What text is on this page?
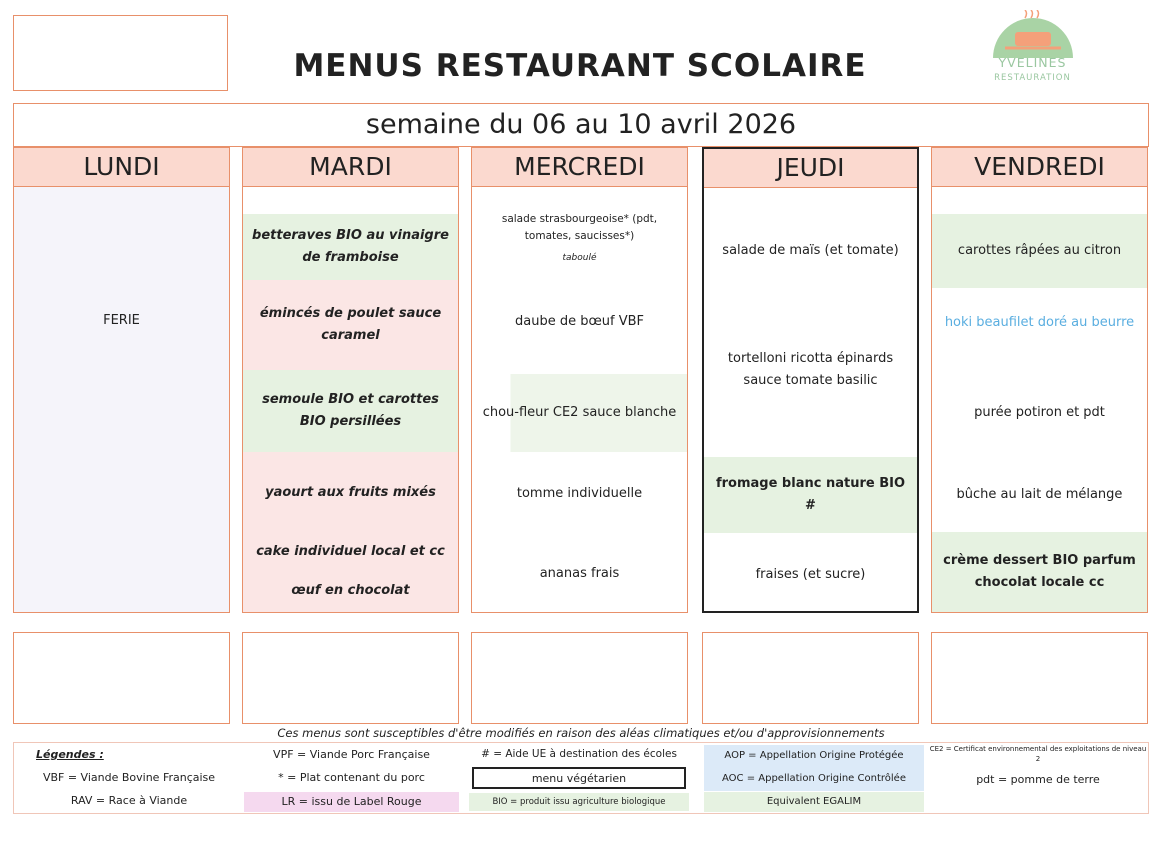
MENUS RESTAURANT SCOLAIRE	YVELINES
RESTAURATION
semaine du 06 au 10 avril 2026
LUNDI
FERIE
MARDI
betteraves BIO au vinaigre de framboise
émincés de poulet sauce caramel
semoule BIO et carottes BIO persillées
yaourt aux fruits mixés
cake individuel local et cc
œuf en chocolat
MERCREDI
salade strasbourgeoise* (pdt, tomates, saucisses*)
taboulé
daube de bœuf VBF
chou-fleur CE2 sauce blanche
tomme individuelle
ananas frais
JEUDI
salade de maïs (et tomate)
tortelloni ricotta épinards sauce tomate basilic
fromage blanc nature BIO #
fraises (et sucre)
VENDREDI
carottes râpées au citron
hoki beaufilet doré au beurre
purée potiron et pdt
bûche au lait de mélange
crème dessert BIO parfum chocolat locale cc
Ces menus sont susceptibles d'être modifiés en raison des aléas climatiques et/ou d'approvisionnements
Légendes :
VBF = Viande Bovine Française
RAV = Race à Viande
VPF = Viande Porc Française
* = Plat contenant du porc
LR = issu de Label Rouge
# = Aide UE à destination des écoles
menu végétarien
BIO = produit issu agriculture biologique
AOP = Appellation Origine Protégée
AOC = Appellation Origine Contrôlée
Equivalent EGALIM
CE2 = Certificat environnemental des exploitations de niveau 2
pdt = pomme de terre
